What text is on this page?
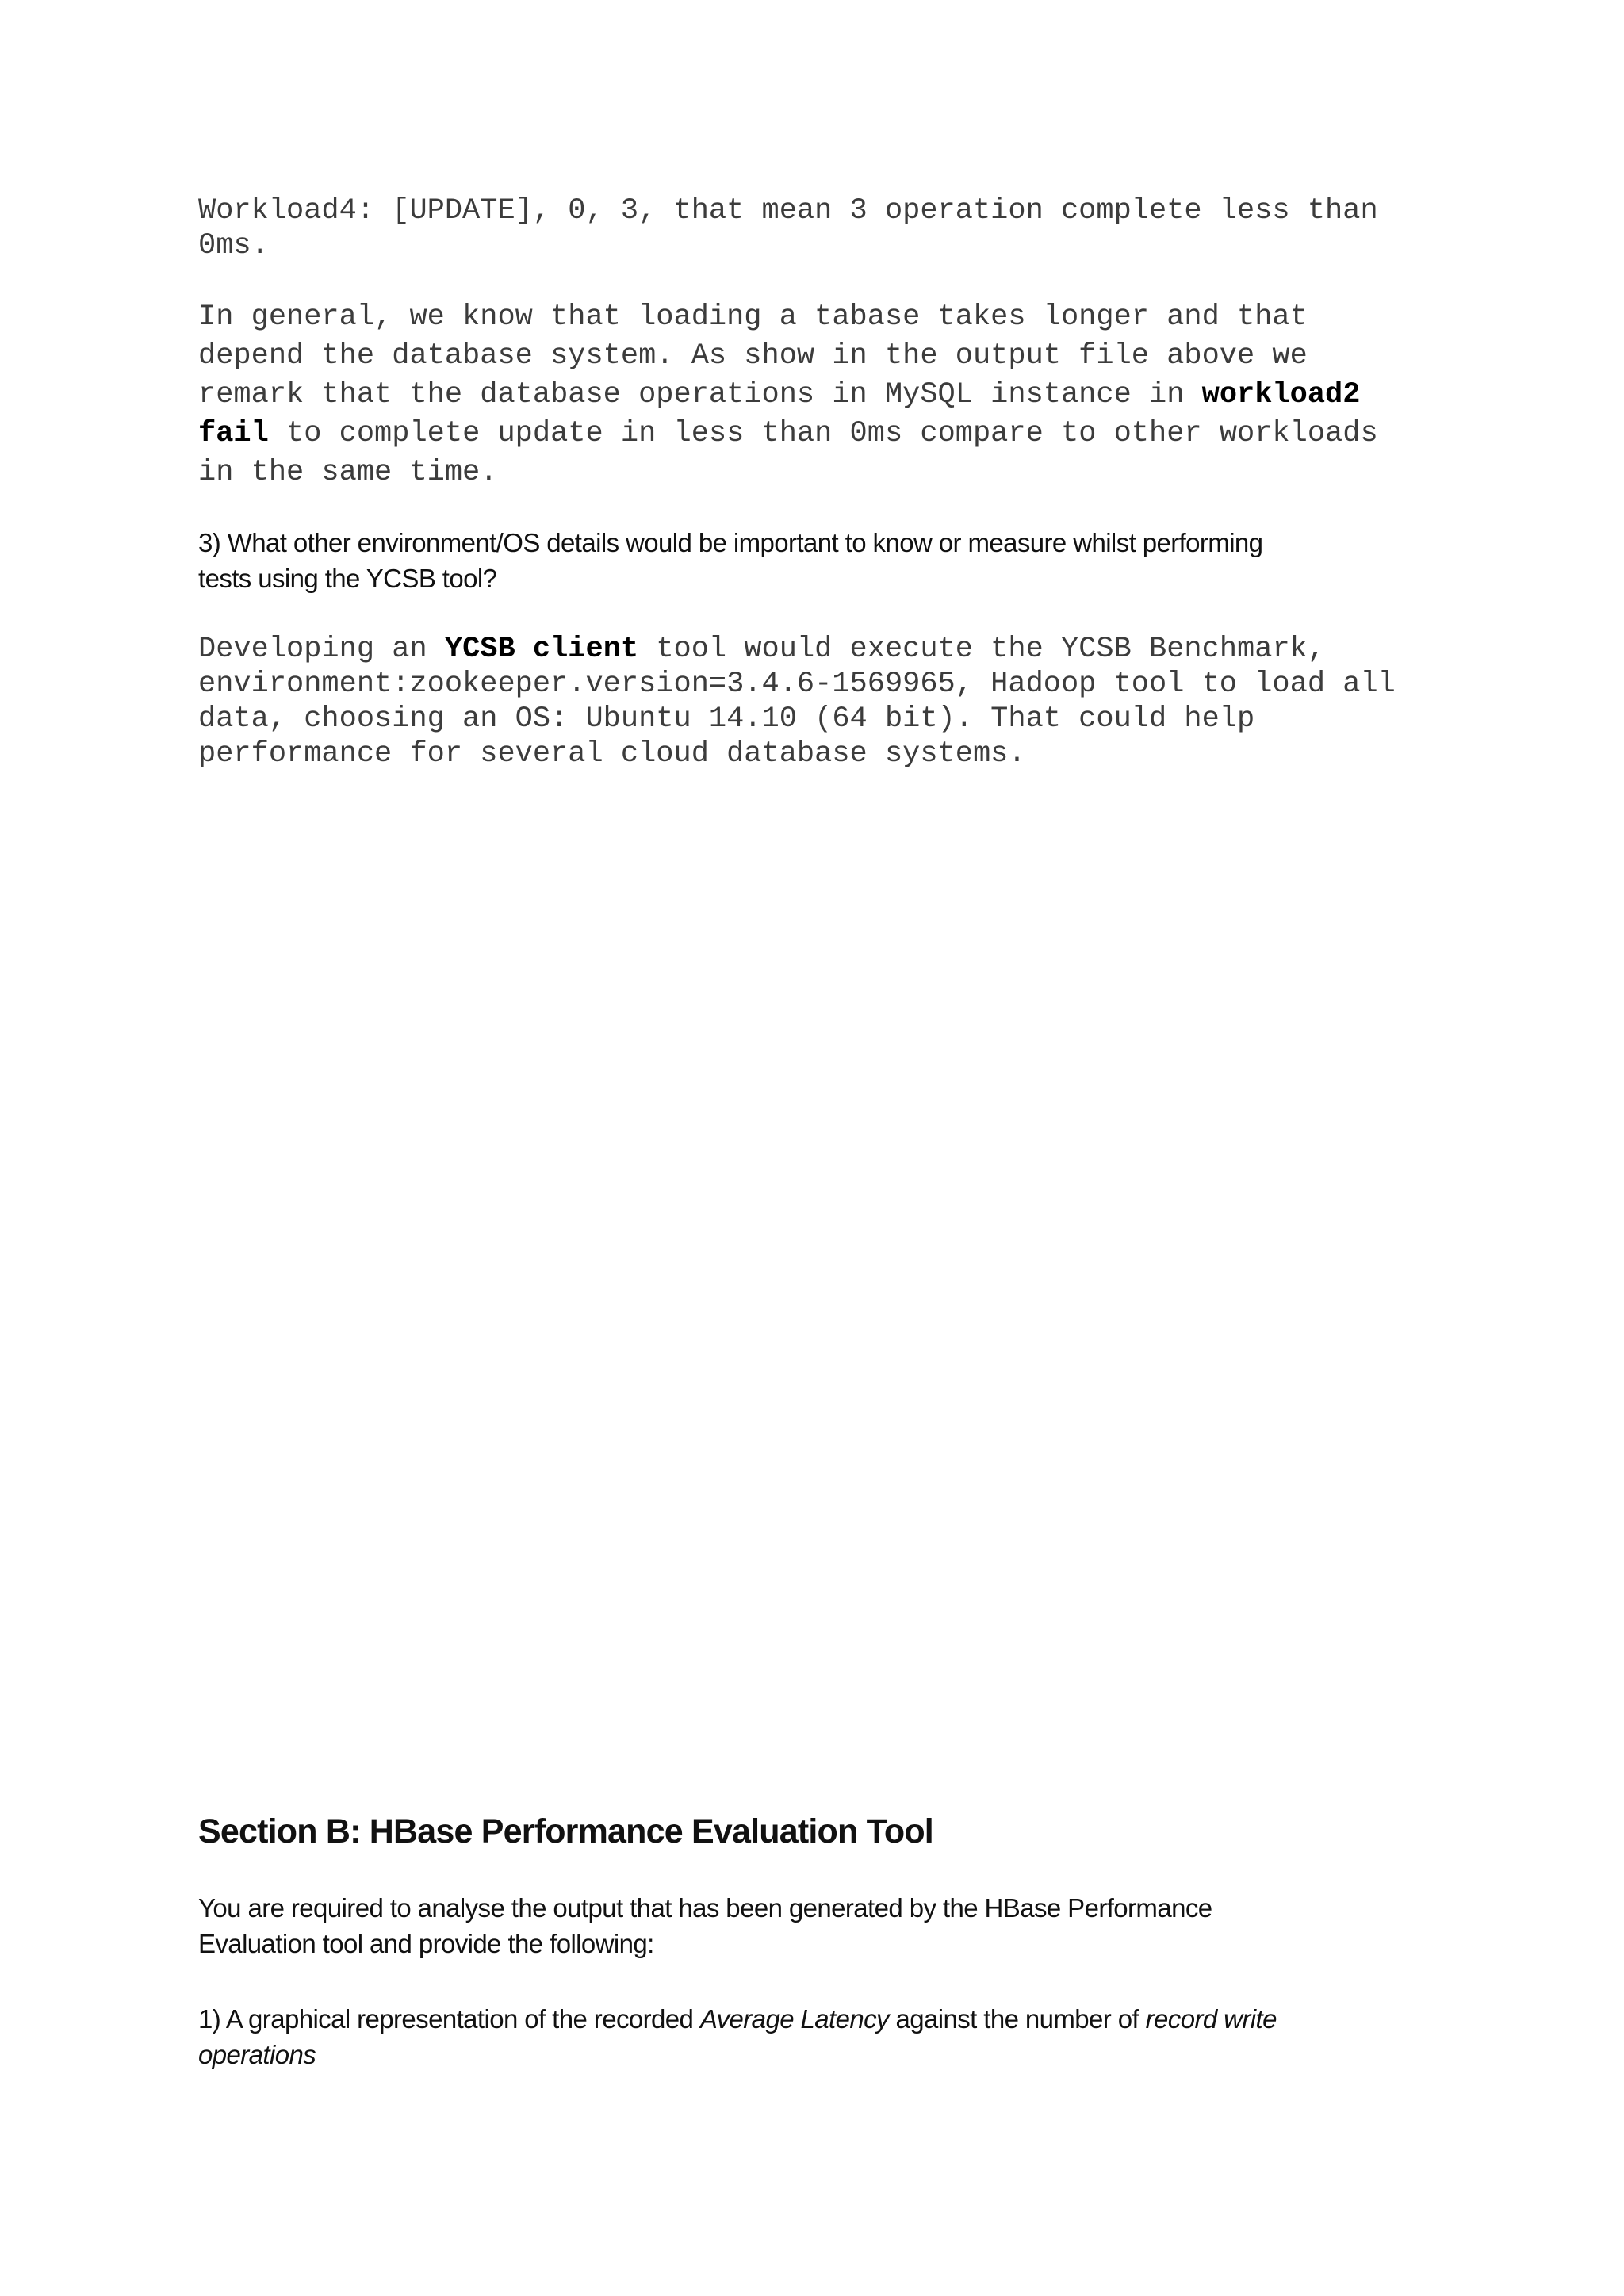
Workload4: [UPDATE], 0, 3, that mean 3 operation complete less than
0ms.
In general, we know that loading a tabase takes longer and that
depend the database system. As show in the output file above we
remark that the database operations in MySQL instance in workload2
fail to complete update in less than 0ms compare to other workloads
in the same time.
3) What other environment/OS details would be important to know or measure whilst performing
tests using the YCSB tool?
Developing an YCSB client tool would execute the YCSB Benchmark,
environment:zookeeper.version=3.4.6-1569965, Hadoop tool to load all
data, choosing an OS: Ubuntu 14.10 (64 bit). That could help
performance for several cloud database systems.
Section B: HBase Performance Evaluation Tool
You are required to analyse the output that has been generated by the HBase Performance
Evaluation tool and provide the following:
1) A graphical representation of the recorded Average Latency against the number of record write
operations
